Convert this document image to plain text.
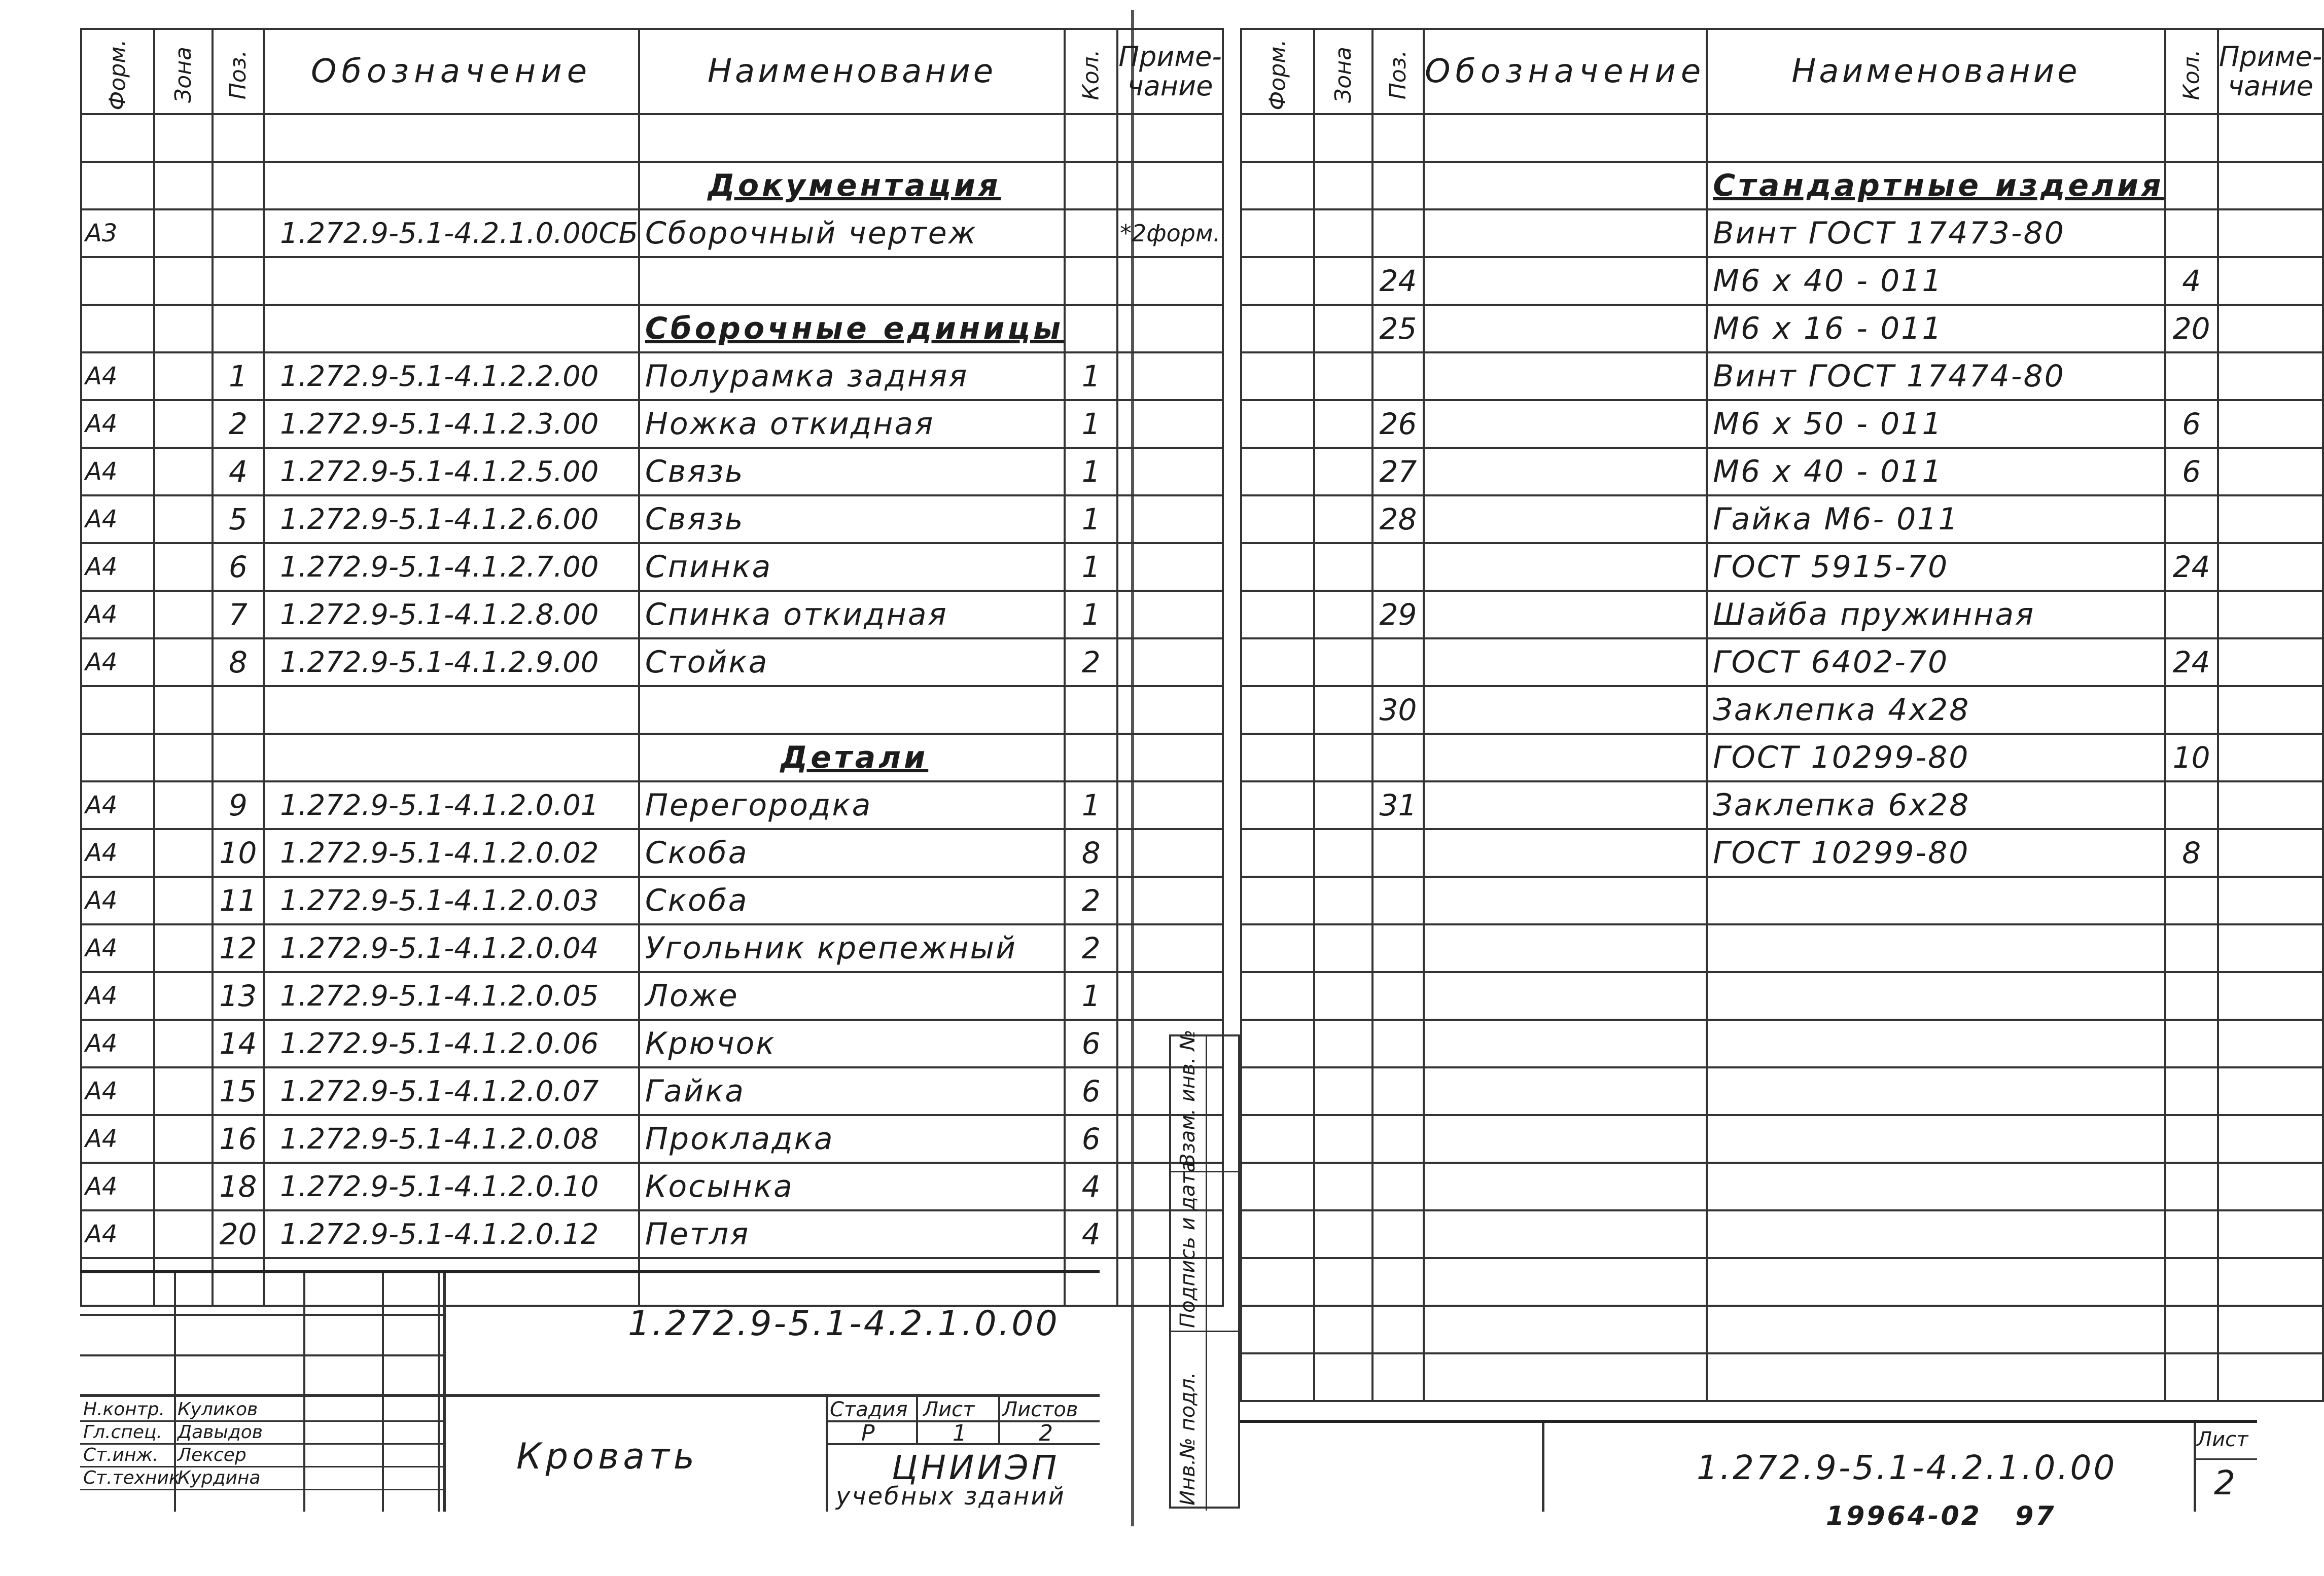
Форм.	Зона	Поз.	Обозначение	Наименование	Кол.	Приме-
чание

				Документация		
А3			1.272.9-5.1-4.2.1.0.00СБ	Сборочный чертеж		*2форм.

				Сборочные единицы		
А4		1	1.272.9-5.1-4.1.2.2.00	Полурамка задняя	1	
А4		2	1.272.9-5.1-4.1.2.3.00	Ножка откидная	1	
А4		4	1.272.9-5.1-4.1.2.5.00	Связь	1	
А4		5	1.272.9-5.1-4.1.2.6.00	Связь	1	
А4		6	1.272.9-5.1-4.1.2.7.00	Спинка	1	
А4		7	1.272.9-5.1-4.1.2.8.00	Спинка откидная	1	
А4		8	1.272.9-5.1-4.1.2.9.00	Стойка	2	

				Детали		
А4		9	1.272.9-5.1-4.1.2.0.01	Перегородка	1	
А4		10	1.272.9-5.1-4.1.2.0.02	Скоба	8	
А4		11	1.272.9-5.1-4.1.2.0.03	Скоба	2	
А4		12	1.272.9-5.1-4.1.2.0.04	Угольник крепежный	2	
А4		13	1.272.9-5.1-4.1.2.0.05	Ложе	1	
А4		14	1.272.9-5.1-4.1.2.0.06	Крючок	6	
А4		15	1.272.9-5.1-4.1.2.0.07	Гайка	6	
А4		16	1.272.9-5.1-4.1.2.0.08	Прокладка	6	
А4		18	1.272.9-5.1-4.1.2.0.10	Косынка	4	
А4		20	1.272.9-5.1-4.1.2.0.12	Петля	4	

1.272.9-5.1-4.2.1.0.00
Кровать
Стадия Лист Листов
Р	1	2
ЦНИИЭП
учебных зданий
Н.контр. Куликов
Гл.спец. Давыдов
Ст.инж. Лексер
Ст.техник
Курдина
Форм.	Зона	Поз.	Обозначение	Наименование	Кол.	Приме-
чание

				Стандартные изделия		
				Винт ГОСТ 17473-80		
		24		М6 х 40 - 011	4	
		25		М6 х 16 - 011	20	
				Винт ГОСТ 17474-80		
		26		М6 х 50 - 011	6	
		27		М6 х 40 - 011	6	
		28		Гайка М6- 011		
				ГОСТ 5915-70	24	
		29		Шайба пружинная		
				ГОСТ 6402-70	24	
		30		Заклепка 4х28		
				ГОСТ 10299-80	10	
		31		Заклепка 6х28		
				ГОСТ 10299-80	8	

1.272.9-5.1-4.2.1.0.00
Лист
2
Инв.№ подл.
Подпись и дата
Взам. инв. №
19964-02   97
